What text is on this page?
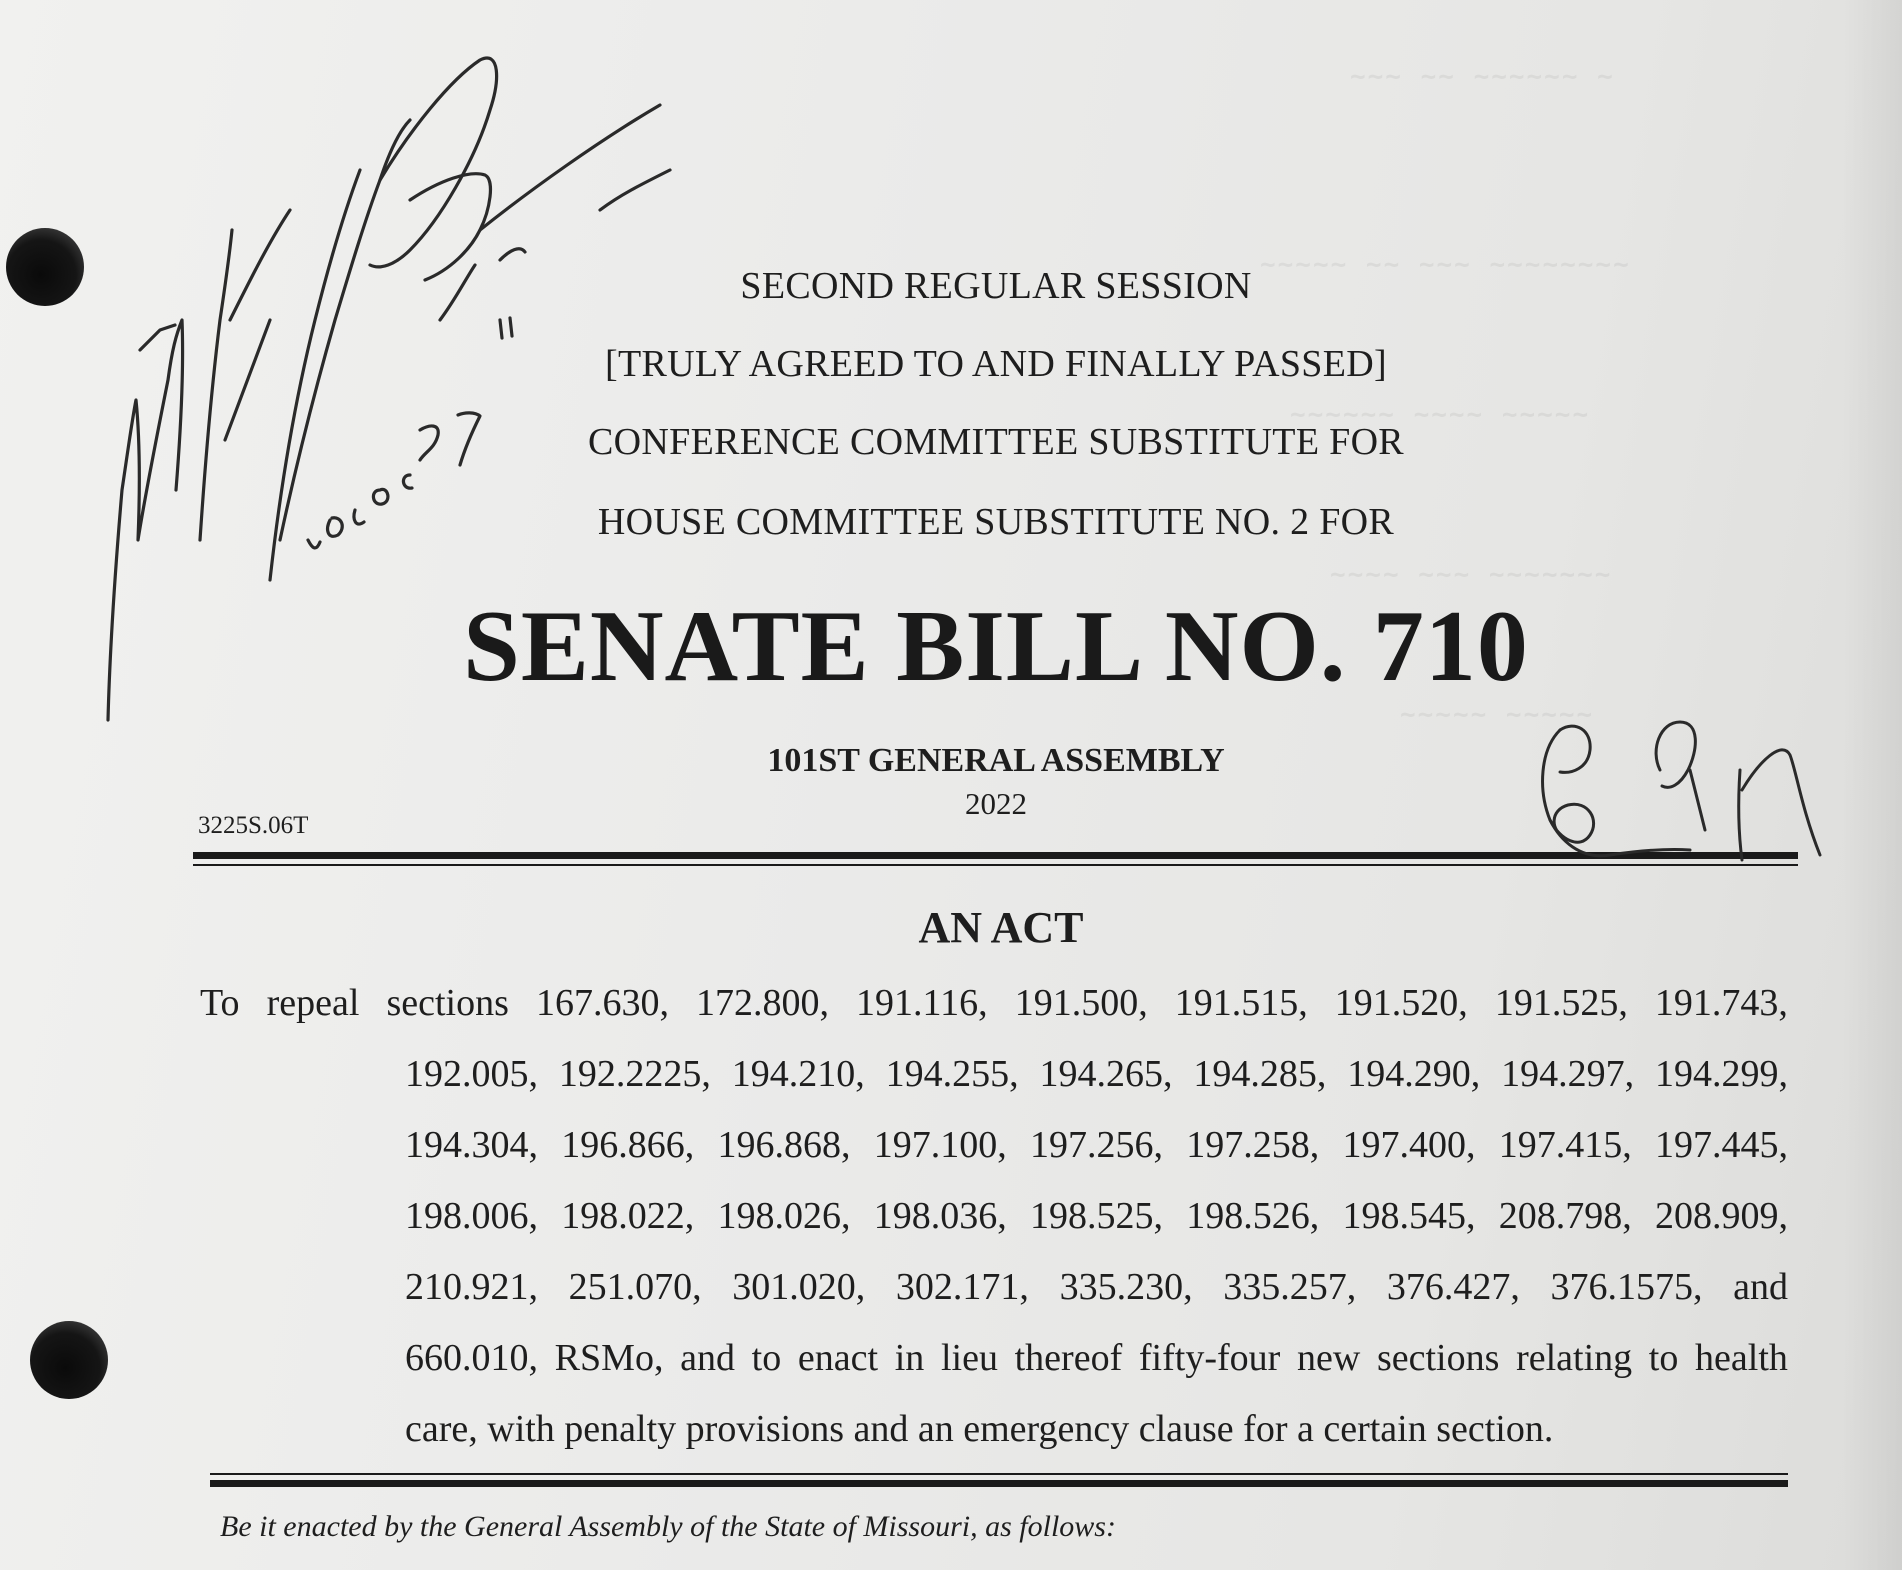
~~~ ~~ ~~~~~~ ~
~~~~~ ~~ ~~~ ~~~~~~~~
~~~~~~ ~~~~ ~~~~~
~~~~ ~~~ ~~~~~~~
~~~~~ ~~~~~
SECOND REGULAR SESSION
[TRULY AGREED TO AND FINALLY PASSED]
CONFERENCE COMMITTEE SUBSTITUTE FOR
HOUSE COMMITTEE SUBSTITUTE NO. 2 FOR
SENATE BILL NO. 710
101ST GENERAL ASSEMBLY
2022
3225S.06T
AN ACT
To repeal sections 167.630, 172.800, 191.116, 191.500, 191.515, 191.520, 191.525, 191.743,
192.005, 192.2225, 194.210, 194.255, 194.265, 194.285, 194.290, 194.297, 194.299,
194.304, 196.866, 196.868, 197.100, 197.256, 197.258, 197.400, 197.415, 197.445,
198.006, 198.022, 198.026, 198.036, 198.525, 198.526, 198.545, 208.798, 208.909,
210.921, 251.070, 301.020, 302.171, 335.230, 335.257, 376.427, 376.1575, and
660.010, RSMo, and to enact in lieu thereof fifty-four new sections relating to health
care, with penalty provisions and an emergency clause for a certain section.
Be it enacted by the General Assembly of the State of Missouri, as follows:
